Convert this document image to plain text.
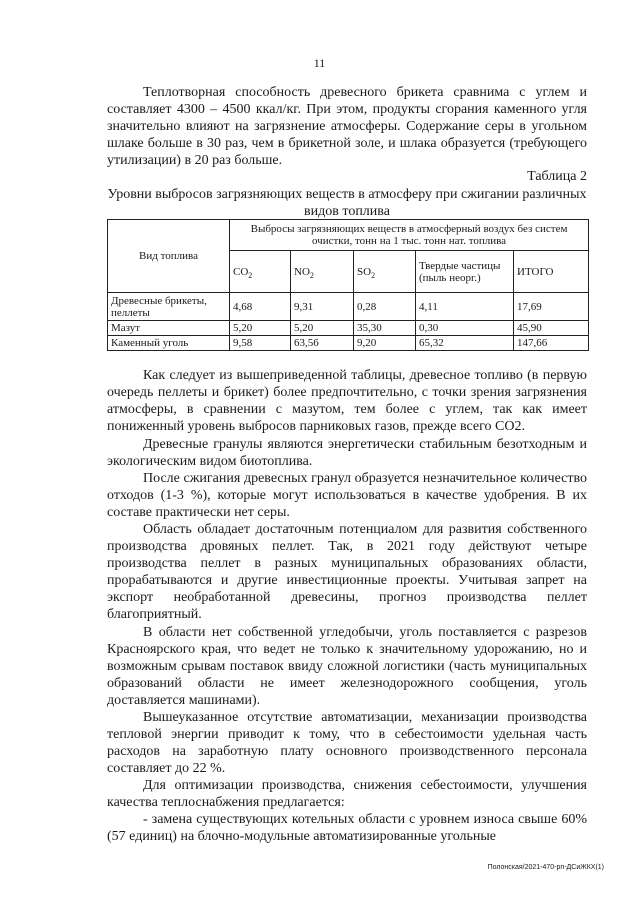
11

Теплотворная способность древесного брикета сравнима с углем и составляет 4300 – 4500 ккал/кг. При этом, продукты сгорания каменного угля значительно влияют на загрязнение атмосферы. Содержание серы в угольном шлаке больше в 30 раз, чем в брикетной золе, и шлака образуется (требующего утилизации) в 20 раз больше.

Таблица 2
Уровни выбросов загрязняющих веществ в атмосферу при сжигании различных видов топлива
Вид топлива	Выбросы загрязняющих веществ в атмосферный воздух без систем очистки, тонн на 1 тыс. тонн нат. топлива				
	$CO_2$	$NO_2$	$SO_2$	Твердые частицы (пыль неорг.)	ИТОГО
Древесные брикеты, пеллеты	4,68	9,31	0,28	4,11	17,69
Мазут	5,20	5,20	35,30	0,30	45,90
Каменный уголь	9,58	63,56	9,20	65,32	147,66

Как следует из вышеприведенной таблицы, древесное топливо (в первую очередь пеллеты и брикет) более предпочтительно, с точки зрения загрязнения атмосферы, в сравнении с мазутом, тем более с углем, так как имеет пониженный уровень выбросов парниковых газов, прежде всего CO2.

Древесные гранулы являются энергетически стабильным безотходным и экологическим видом биотоплива.

После сжигания древесных гранул образуется незначительное количество отходов (1-3 %), которые могут использоваться в качестве удобрения. В их составе практически нет серы.

Область обладает достаточным потенциалом для развития собственного производства дровяных пеллет. Так, в 2021 году действуют четыре производства пеллет в разных муниципальных образованиях области, прорабатываются и другие инвестиционные проекты. Учитывая запрет на экспорт необработанной древесины, прогноз производства пеллет благоприятный.

В области нет собственной угледобычи, уголь поставляется с разрезов Красноярского края, что ведет не только к значительному удорожанию, но и возможным срывам поставок ввиду сложной логистики (часть муниципальных образований области не имеет железнодорожного сообщения, уголь доставляется машинами).

Вышеуказанное отсутствие автоматизации, механизации производства тепловой энергии приводит к тому, что в себестоимости удельная часть расходов на заработную плату основного производственного персонала составляет до 22 %.

Для оптимизации производства, снижения себестоимости, улучшения качества теплоснабжения предлагается:

- замена существующих котельных области с уровнем износа свыше 60% (57 единиц) на блочно-модульные автоматизированные угольные

Полонская/2021-470-рп-ДСиЖКХ(1)
